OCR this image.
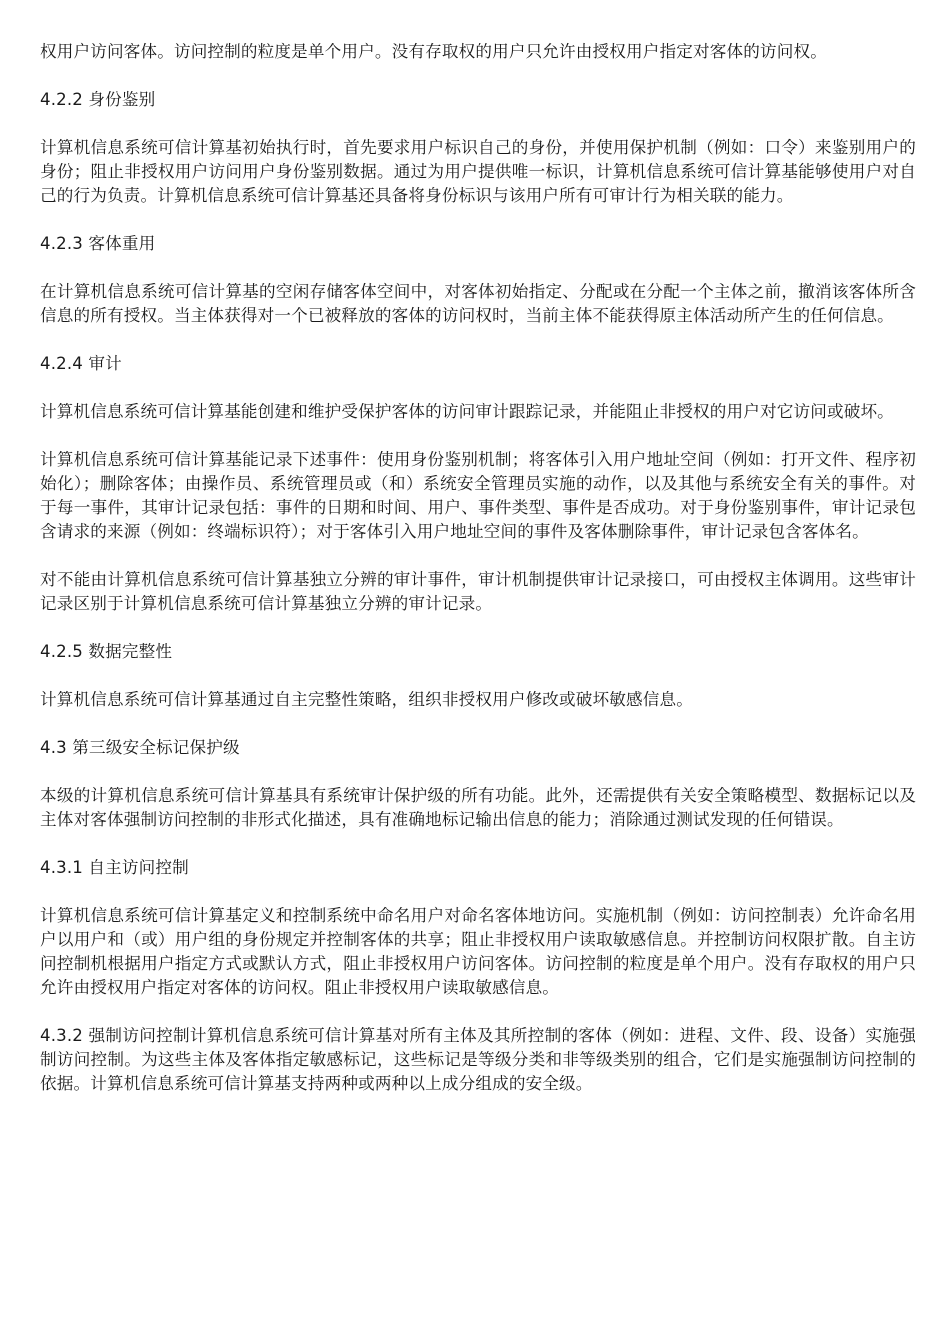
权用户访问客体。访问控制的粒度是单个用户。没有存取权的用户只允许由授权用户指定对客体的访问权。

4.2.2 身份鉴别

计算机信息系统可信计算基初始执行时，首先要求用户标识自己的身份，并使用保护机制（例如：口令）来鉴别用户的身份；阻止非授权用户访问用户身份鉴别数据。通过为用户提供唯一标识，计算机信息系统可信计算基能够使用户对自己的行为负责。计算机信息系统可信计算基还具备将身份标识与该用户所有可审计行为相关联的能力。

4.2.3 客体重用

在计算机信息系统可信计算基的空闲存储客体空间中，对客体初始指定、分配或在分配一个主体之前，撤消该客体所含信息的所有授权。当主体获得对一个已被释放的客体的访问权时，当前主体不能获得原主体活动所产生的任何信息。

4.2.4 审计

计算机信息系统可信计算基能创建和维护受保护客体的访问审计跟踪记录，并能阻止非授权的用户对它访问或破坏。

计算机信息系统可信计算基能记录下述事件：使用身份鉴别机制；将客体引入用户地址空间（例如：打开文件、程序初始化）；删除客体；由操作员、系统管理员或（和）系统安全管理员实施的动作，以及其他与系统安全有关的事件。对于每一事件，其审计记录包括：事件的日期和时间、用户、事件类型、事件是否成功。对于身份鉴别事件，审计记录包含请求的来源（例如：终端标识符）；对于客体引入用户地址空间的事件及客体删除事件，审计记录包含客体名。

对不能由计算机信息系统可信计算基独立分辨的审计事件，审计机制提供审计记录接口，可由授权主体调用。这些审计记录区别于计算机信息系统可信计算基独立分辨的审计记录。

4.2.5 数据完整性

计算机信息系统可信计算基通过自主完整性策略，组织非授权用户修改或破坏敏感信息。

4.3 第三级安全标记保护级

本级的计算机信息系统可信计算基具有系统审计保护级的所有功能。此外，还需提供有关安全策略模型、数据标记以及主体对客体强制访问控制的非形式化描述，具有准确地标记输出信息的能力；消除通过测试发现的任何错误。

4.3.1 自主访问控制

计算机信息系统可信计算基定义和控制系统中命名用户对命名客体地访问。实施机制（例如：访问控制表）允许命名用户以用户和（或）用户组的身份规定并控制客体的共享；阻止非授权用户读取敏感信息。并控制访问权限扩散。自主访问控制机根据用户指定方式或默认方式，阻止非授权用户访问客体。访问控制的粒度是单个用户。没有存取权的用户只允许由授权用户指定对客体的访问权。阻止非授权用户读取敏感信息。

4.3.2 强制访问控制计算机信息系统可信计算基对所有主体及其所控制的客体（例如：进程、文件、段、设备）实施强制访问控制。为这些主体及客体指定敏感标记，这些标记是等级分类和非等级类别的组合，它们是实施强制访问控制的依据。计算机信息系统可信计算基支持两种或两种以上成分组成的安全级。
